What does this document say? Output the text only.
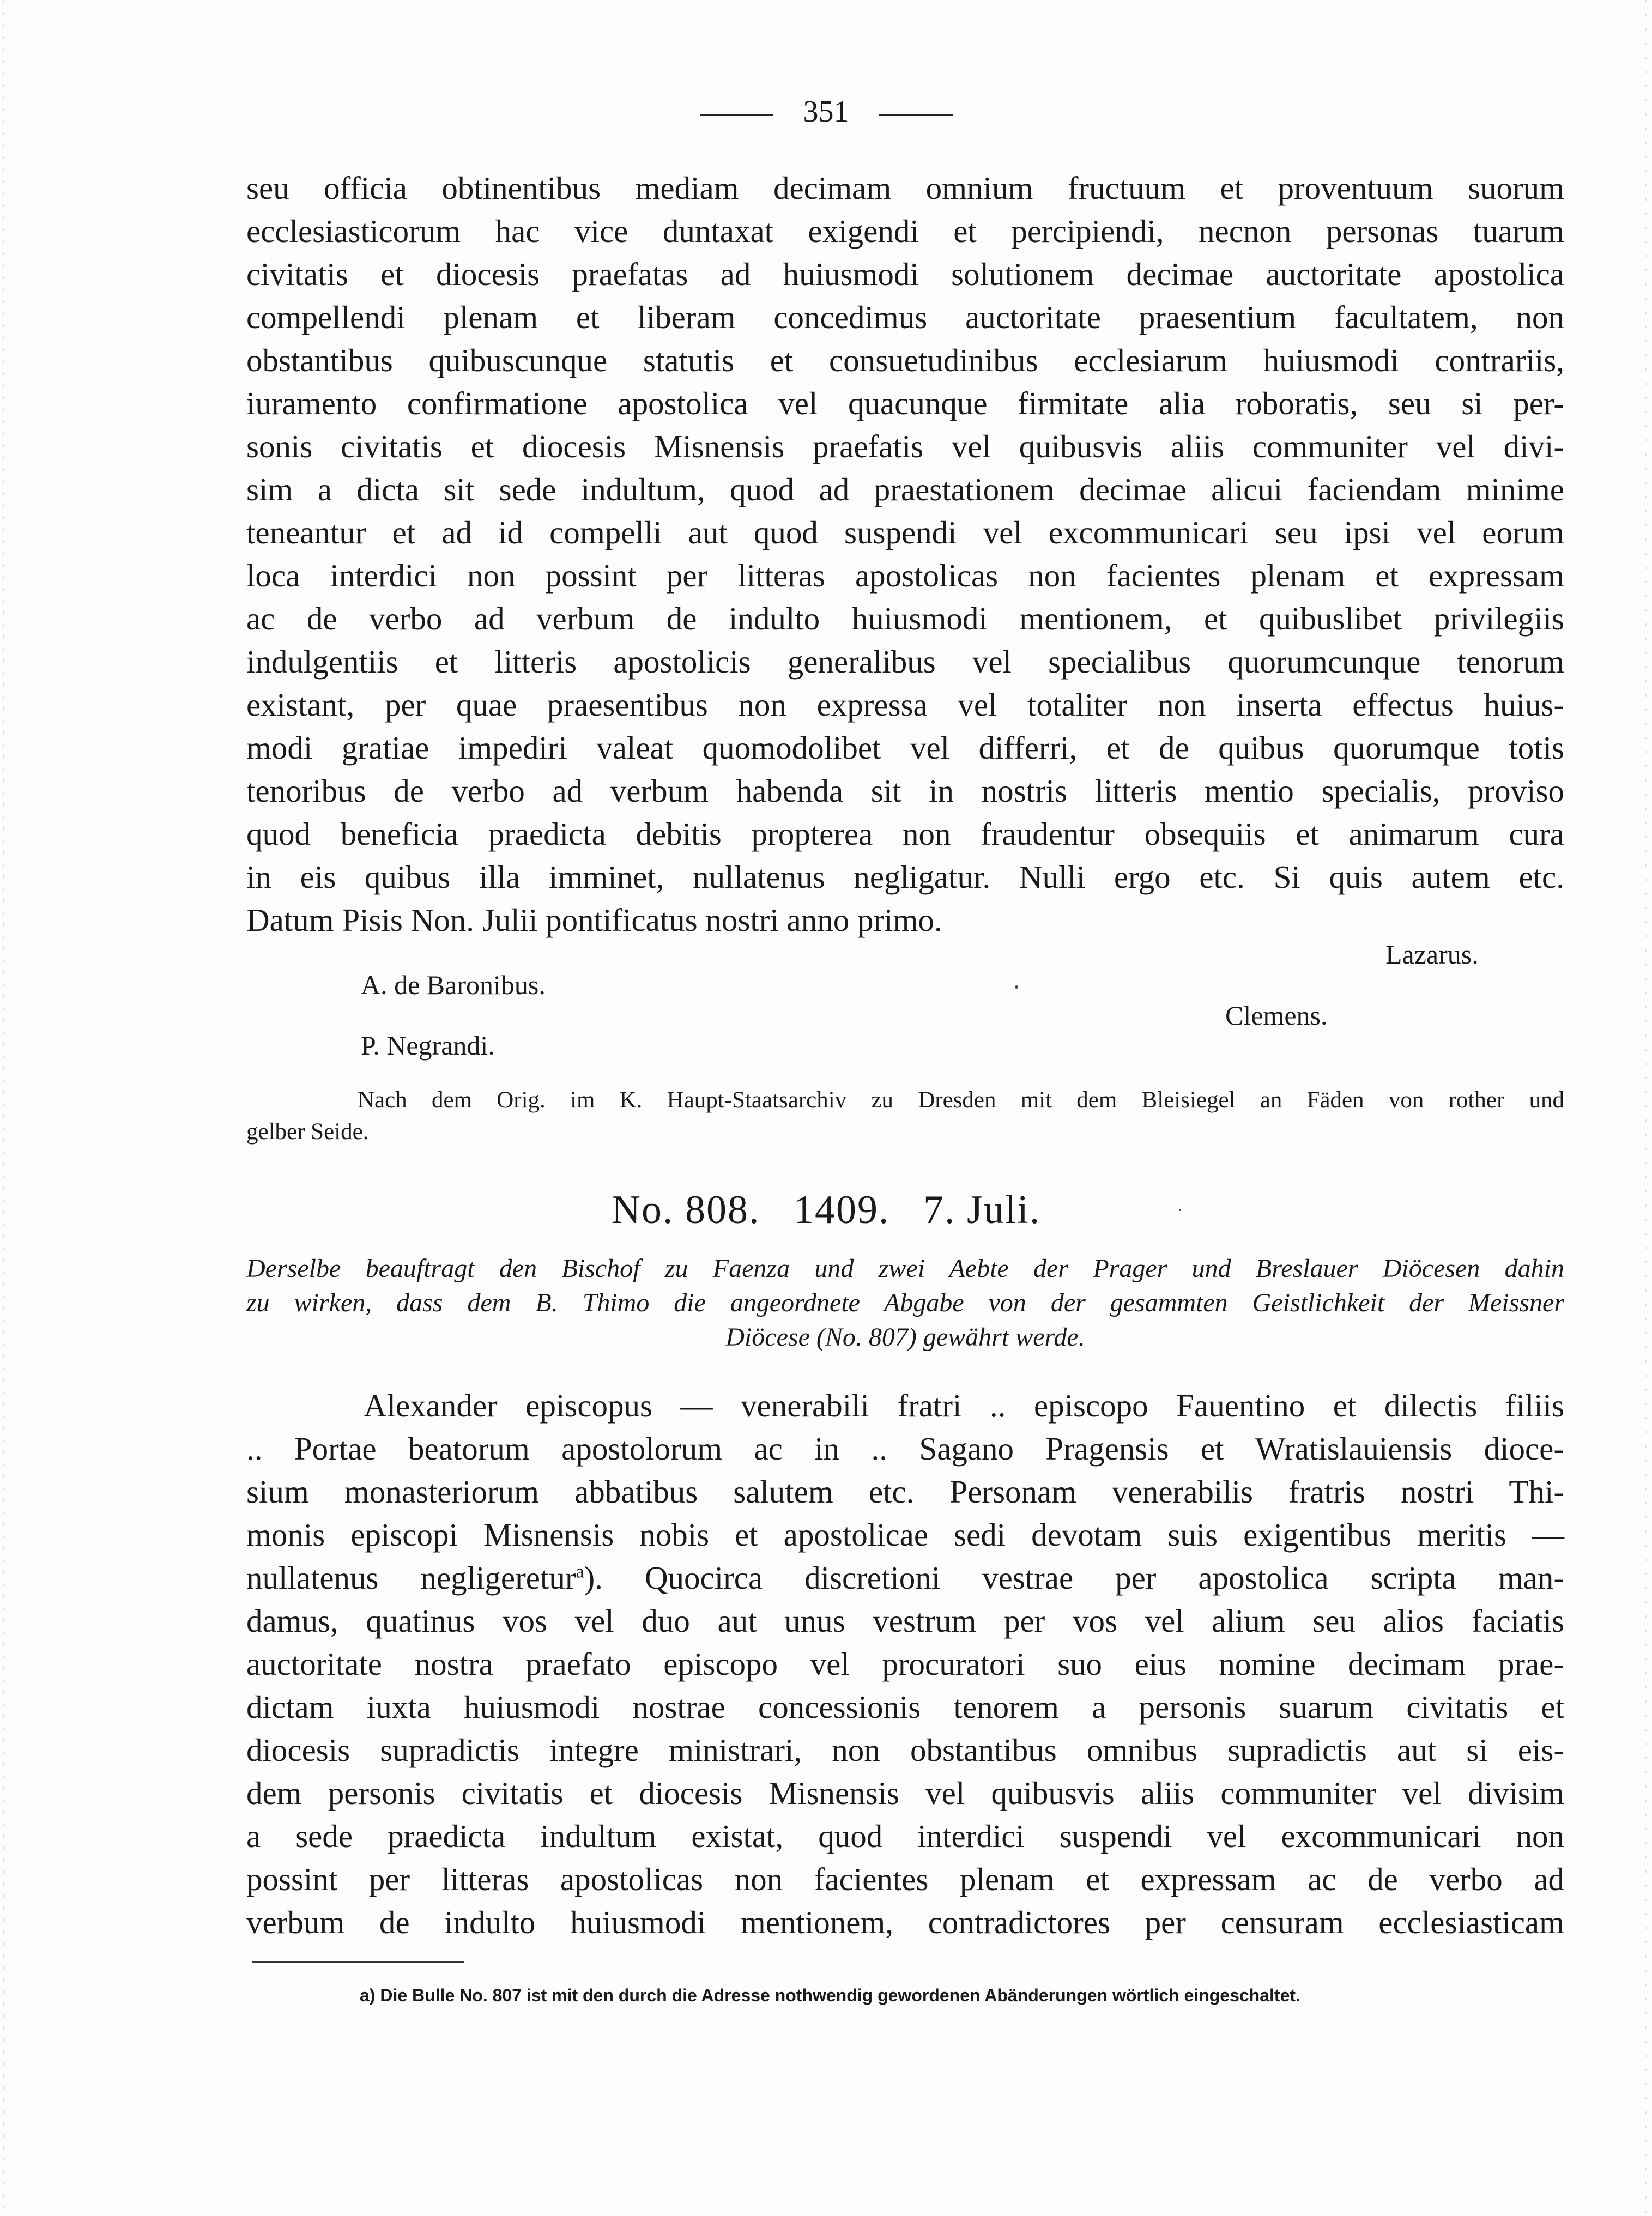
351
seu officia obtinentibus mediam decimam omnium fructuum et proventuum suorum
ecclesiasticorum hac vice duntaxat exigendi et percipiendi, necnon personas tuarum
civitatis et diocesis praefatas ad huiusmodi solutionem decimae auctoritate apostolica
compellendi plenam et liberam concedimus auctoritate praesentium facultatem, non
obstantibus quibuscunque statutis et consuetudinibus ecclesiarum huiusmodi contrariis,
iuramento confirmatione apostolica vel quacunque firmitate alia roboratis, seu si per-
sonis civitatis et diocesis Misnensis praefatis vel quibusvis aliis communiter vel divi-
sim a dicta sit sede indultum, quod ad praestationem decimae alicui faciendam minime
teneantur et ad id compelli aut quod suspendi vel excommunicari seu ipsi vel eorum
loca interdici non possint per litteras apostolicas non facientes plenam et expressam
ac de verbo ad verbum de indulto huiusmodi mentionem, et quibuslibet privilegiis
indulgentiis et litteris apostolicis generalibus vel specialibus quorumcunque tenorum
existant, per quae praesentibus non expressa vel totaliter non inserta effectus huius-
modi gratiae impediri valeat quomodolibet vel differri, et de quibus quorumque totis
tenoribus de verbo ad verbum habenda sit in nostris litteris mentio specialis, proviso
quod beneficia praedicta debitis propterea non fraudentur obsequiis et animarum cura
in eis quibus illa imminet, nullatenus negligatur. Nulli ergo etc. Si quis autem etc.
Datum Pisis Non. Julii pontificatus nostri anno primo.
Lazarus.
A. de Baronibus.
Clemens.
P. Negrandi.
Nach dem Orig. im K. Haupt-Staatsarchiv zu Dresden mit dem Bleisiegel an Fäden von rother und
gelber Seide.
No. 808.   1409.   7. Juli.
Derselbe beauftragt den Bischof zu Faenza und zwei Aebte der Prager und Breslauer Diöcesen dahin
zu wirken, dass dem B. Thimo die angeordnete Abgabe von der gesammten Geistlichkeit der Meissner
Diöcese (No. 807) gewährt werde.
Alexander episcopus — venerabili fratri .. episcopo Fauentino et dilectis filiis
.. Portae beatorum apostolorum ac in .. Sagano Pragensis et Wratislauiensis dioce-
sium monasteriorum abbatibus salutem etc. Personam venerabilis fratris nostri Thi-
monis episcopi Misnensis nobis et apostolicae sedi devotam suis exigentibus meritis —
nullatenus negligeretur$^a$). Quocirca discretioni vestrae per apostolica scripta man-
damus, quatinus vos vel duo aut unus vestrum per vos vel alium seu alios faciatis
auctoritate nostra praefato episcopo vel procuratori suo eius nomine decimam prae-
dictam iuxta huiusmodi nostrae concessionis tenorem a personis suarum civitatis et
diocesis supradictis integre ministrari, non obstantibus omnibus supradictis aut si eis-
dem personis civitatis et diocesis Misnensis vel quibusvis aliis communiter vel divisim
a sede praedicta indultum existat, quod interdici suspendi vel excommunicari non
possint per litteras apostolicas non facientes plenam et expressam ac de verbo ad
verbum de indulto huiusmodi mentionem, contradictores per censuram ecclesiasticam
a) Die Bulle No. 807 ist mit den durch die Adresse nothwendig gewordenen Abänderungen wörtlich eingeschaltet.
